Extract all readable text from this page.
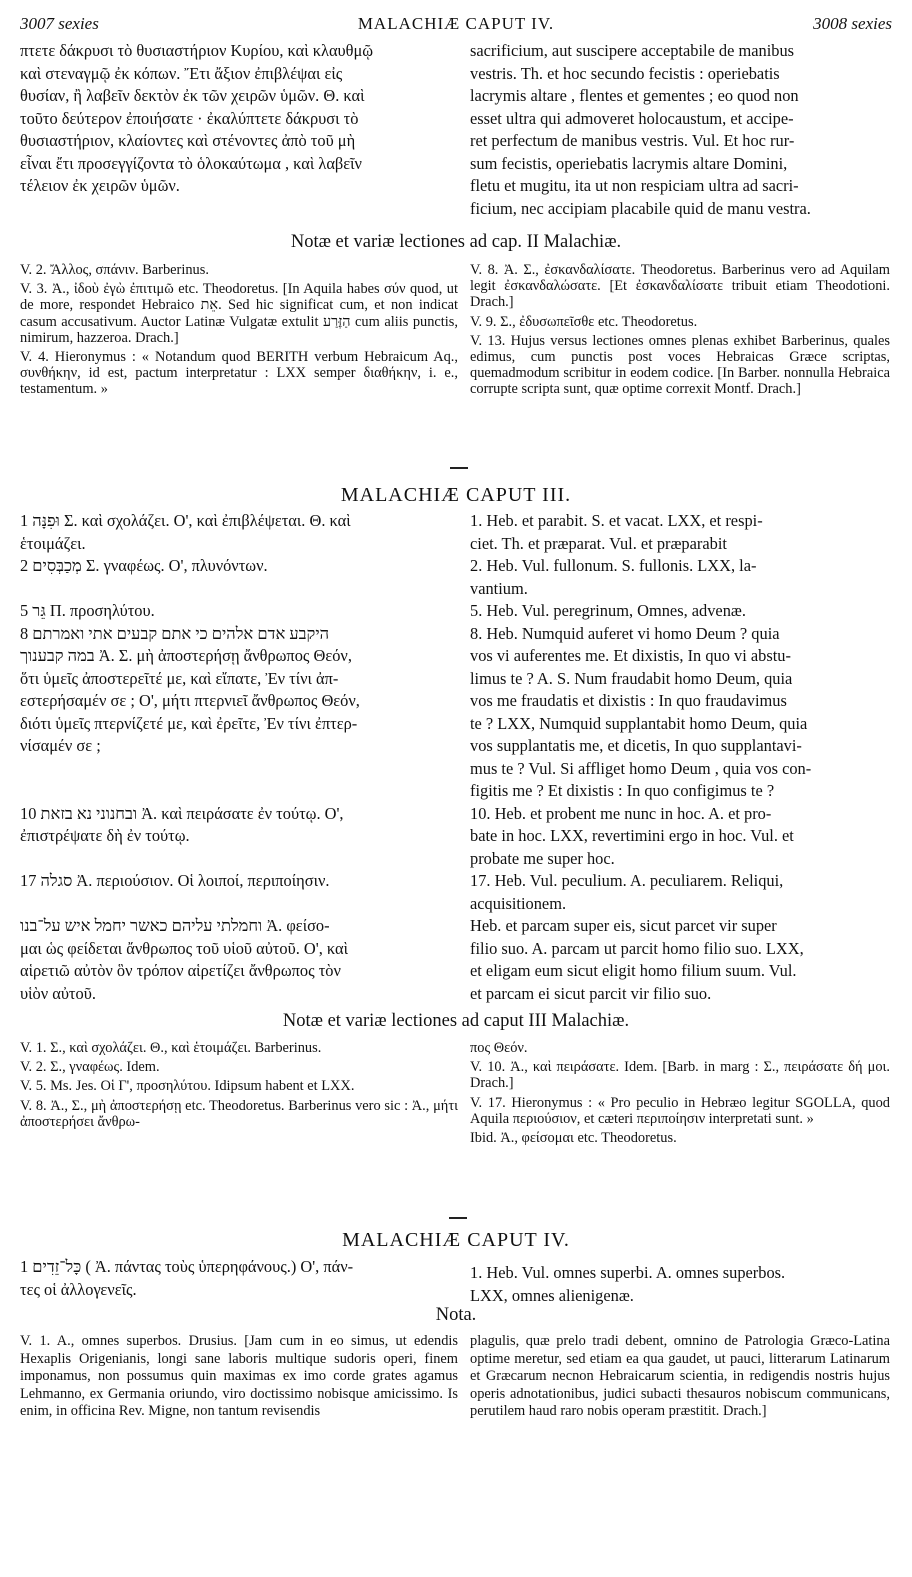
3007 sexies	MALACHIÆ CAPUT IV.	3008 sexies
πτετε δάκρυσι τὸ θυσιαστήριον Κυρίου, καὶ κλαυθμῷ
καὶ στεναγμῷ ἐκ κόπων. Ἔτι ἄξιον ἐπιβλέψαι εἰς
θυσίαν, ἢ λαβεῖν δεκτὸν ἐκ τῶν χειρῶν ὑμῶν. Θ. καὶ
τοῦτο δεύτερον ἐποιήσατε · ἐκαλύπτετε δάκρυσι τὸ
θυσιαστήριον, κλαίοντες καὶ στένοντες ἀπὸ τοῦ μὴ
εἶναι ἔτι προσεγγίζοντα τὸ ὁλοκαύτωμα , καὶ λαβεῖν
τέλειον ἐκ χειρῶν ὑμῶν.
sacrificium, aut suscipere acceptabile de manibus
vestris. Th. et hoc secundo fecistis : operiebatis
lacrymis altare , flentes et gementes ; eo quod non
esset ultra qui admoveret holocaustum, et accipe-
ret perfectum de manibus vestris. Vul. Et hoc rur-
sum fecistis, operiebatis lacrymis altare Domini,
fletu et mugitu, ita ut non respiciam ultra ad sacri-
ficium, nec accipiam placabile quid de manu vestra.
Notæ et variæ lectiones ad cap. II Malachiæ.

V. 2. Ἄλλος, σπάνιν. Barberinus.

V. 3. Ἀ., ἰδοὺ ἐγὼ ἐπιτιμῶ etc. Theodoretus. [In Aquila habes σύν quod, ut de more, respondet Hebraico אֵת. Sed hic significat cum, et non indicat casum accusativum. Auctor Latinæ Vulgatæ extulit הַזֶּרַע cum aliis punctis, nimirum, hazzeroa. Drach.]

V. 4. Hieronymus : « Notandum quod BERITH verbum Hebraicum Aq., συνθήκην, id est, pactum interpretatur : LXX semper διαθήκην, i. e., testamentum. »

V. 8. Ἀ. Σ., ἐσκανδαλίσατε. Theodoretus. Barberinus vero ad Aquilam legit ἐσκανδαλώσατε. [Et ἐσκανδαλίσατε tribuit etiam Theodotioni. Drach.]

V. 9. Σ., ἐδυσωπεῖσθε etc. Theodoretus.

V. 13. Hujus versus lectiones omnes plenas exhibet Barberinus, quales edimus, cum punctis post voces Hebraicas Græce scriptas, quemadmodum scribitur in eodem codice. [In Barber. nonnulla Hebraica corrupte scripta sunt, quæ optime correxit Montf. Drach.]

MALACHIÆ CAPUT III.
וּפִנָּה 1 Σ. καὶ σχολάζει. Ο', καὶ ἐπιβλέψεται. Θ. καὶ
ἑτοιμάζει.
מְכַבְּסִים 2 Σ. γναφέως. Ο', πλυνόντων.

גֵּר 5 Π. προσηλύτου.
8 היקבע אדם אלהים כי אתם קבעים אתי ואמרתם
במה קבענוך Ἀ. Σ. μὴ ἀποστερήσῃ ἄνθρωπος Θεόν,
ὅτι ὑμεῖς ἀποστερεῖτέ με, καὶ εἴπατε, Ἐν τίνι ἀπ-
εστερήσαμέν σε ; Ο', μήτι πτερνιεῖ ἄνθρωπος Θεόν,
διότι ὑμεῖς πτερνίζετέ με, καὶ ἐρεῖτε, Ἐν τίνι ἐπτερ-
νίσαμέν σε ;

ובחנוני נא בזאת 10 Ἀ. καὶ πειράσατε ἐν τούτῳ. Ο',
ἐπιστρέψατε δὴ ἐν τούτῳ.

סגלה 17 Ἀ. περιούσιον. Οἱ λοιποί, περιποίησιν.

וחמלתי עליהם כאשר יחמל איש על־בנו Ἀ. φείσο-
μαι ὡς φείδεται ἄνθρωπος τοῦ υἱοῦ αὐτοῦ. Ο', καὶ
αἱρετιῶ αὐτὸν ὃν τρόπον αἱρετίζει ἄνθρωπος τὸν
υἱὸν αὐτοῦ.
1. Heb. et parabit. S. et vacat. LXX, et respi-
ciet. Th. et præparat. Vul. et præparabit
2. Heb. Vul. fullonum. S. fullonis. LXX, la-
vantium.
5. Heb. Vul. peregrinum, Omnes, advenæ.
8. Heb. Numquid auferet vi homo Deum ? quia
vos vi auferentes me. Et dixistis, In quo vi abstu-
limus te ? A. S. Num fraudabit homo Deum, quia
vos me fraudatis et dixistis : In quo fraudavimus
te ? LXX, Numquid supplantabit homo Deum, quia
vos supplantatis me, et dicetis, In quo supplantavi-
mus te ? Vul. Si affliget homo Deum , quia vos con-
figitis me ? Et dixistis : In quo configimus te ?
10. Heb. et probent me nunc in hoc. A. et pro-
bate in hoc. LXX, revertimini ergo in hoc. Vul. et
probate me super hoc.
17. Heb. Vul. peculium. A. peculiarem. Reliqui,
acquisitionem.
Heb. et parcam super eis, sicut parcet vir super
filio suo. A. parcam ut parcit homo filio suo. LXX,
et eligam eum sicut eligit homo filium suum. Vul.
et parcam ei sicut parcit vir filio suo.
Notæ et variæ lectiones ad caput III Malachiæ.

V. 1. Σ., καὶ σχολάζει. Θ., καὶ ἑτοιμάζει. Barberinus.

V. 2. Σ., γναφέως. Idem.

V. 5. Ms. Jes. Οἱ Γ', προσηλύτου. Idipsum habent et LXX.

V. 8. Ἀ., Σ., μὴ ἀποστερήσῃ etc. Theodoretus. Barberinus vero sic : Ἀ., μήτι ἀποστερήσει ἄνθρω-

πος Θεόν.

V. 10. Ἀ., καὶ πειράσατε. Idem. [Barb. in marg : Σ., πειράσατε δή μοι. Drach.]

V. 17. Hieronymus : « Pro peculio in Hebræo legitur SGOLLA, quod Aquila περιούσιον, et cæteri περιποίησιν interpretati sunt. »

Ibid. Ἀ., φείσομαι etc. Theodoretus.

MALACHIÆ CAPUT IV.
כָּל־זֵדִים 1 ( Ἀ. πάντας τοὺς ὑπερηφάνους.) Ο', πάν-
τες οἱ ἀλλογενεῖς.
1. Heb. Vul. omnes superbi. A. omnes superbos.
LXX, omnes alienigenæ.
Nota.

V. 1. A., omnes superbos. Drusius. [Jam cum in eo simus, ut edendis Hexaplis Origenianis, longi sane laboris multique sudoris operi, finem imponamus, non possumus quin maximas ex imo corde grates agamus Lehmanno, ex Germania oriundo, viro doctissimo nobisque amicissimo. Is enim, in officina Rev. Migne, non tantum revisendis

plagulis, quæ prelo tradi debent, omnino de Patrologia Græco-Latina optime meretur, sed etiam ea qua gaudet, ut pauci, litterarum Latinarum et Græcarum necnon Hebraicarum scientia, in redigendis nostris hujus operis adnotationibus, judici subacti thesauros nobiscum communicans, perutilem haud raro nobis operam præstitit. Drach.]
